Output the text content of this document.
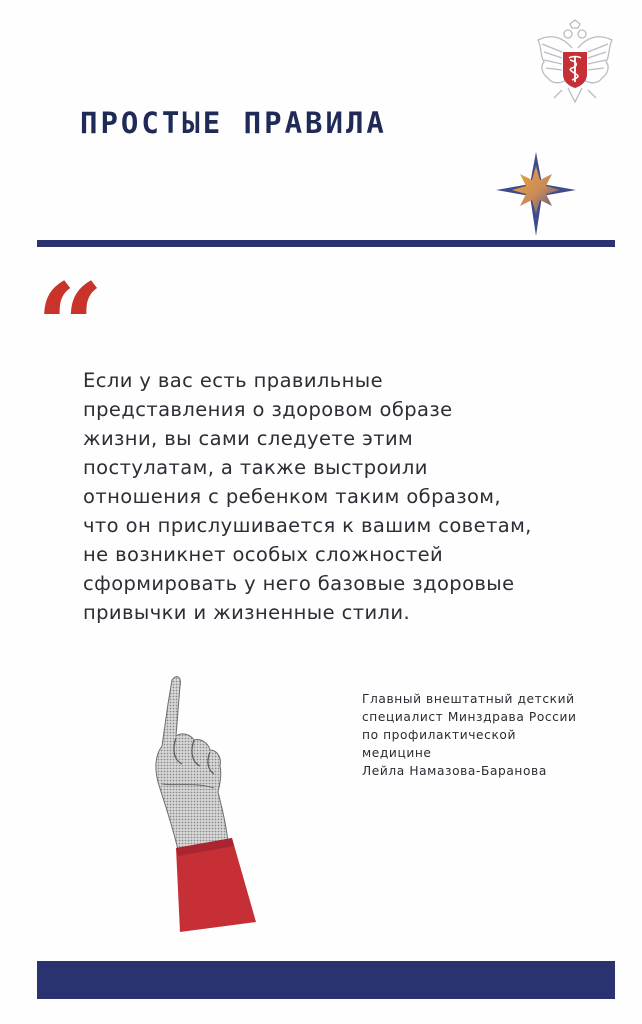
ПРОСТЫЕ ПРАВИЛА
“

Если у вас есть правильные
представления о здоровом образе
жизни, вы сами следуете этим
постулатам, а также выстроили
отношения с ребенком таким образом,
что он прислушивается к вашим советам,
не возникнет особых сложностей
сформировать у него базовые здоровые
привычки и жизненные стили.

Главный внештатный детский
специалист Минздрава России
по профилактической
медицине
Лейла Намазова-Баранова
